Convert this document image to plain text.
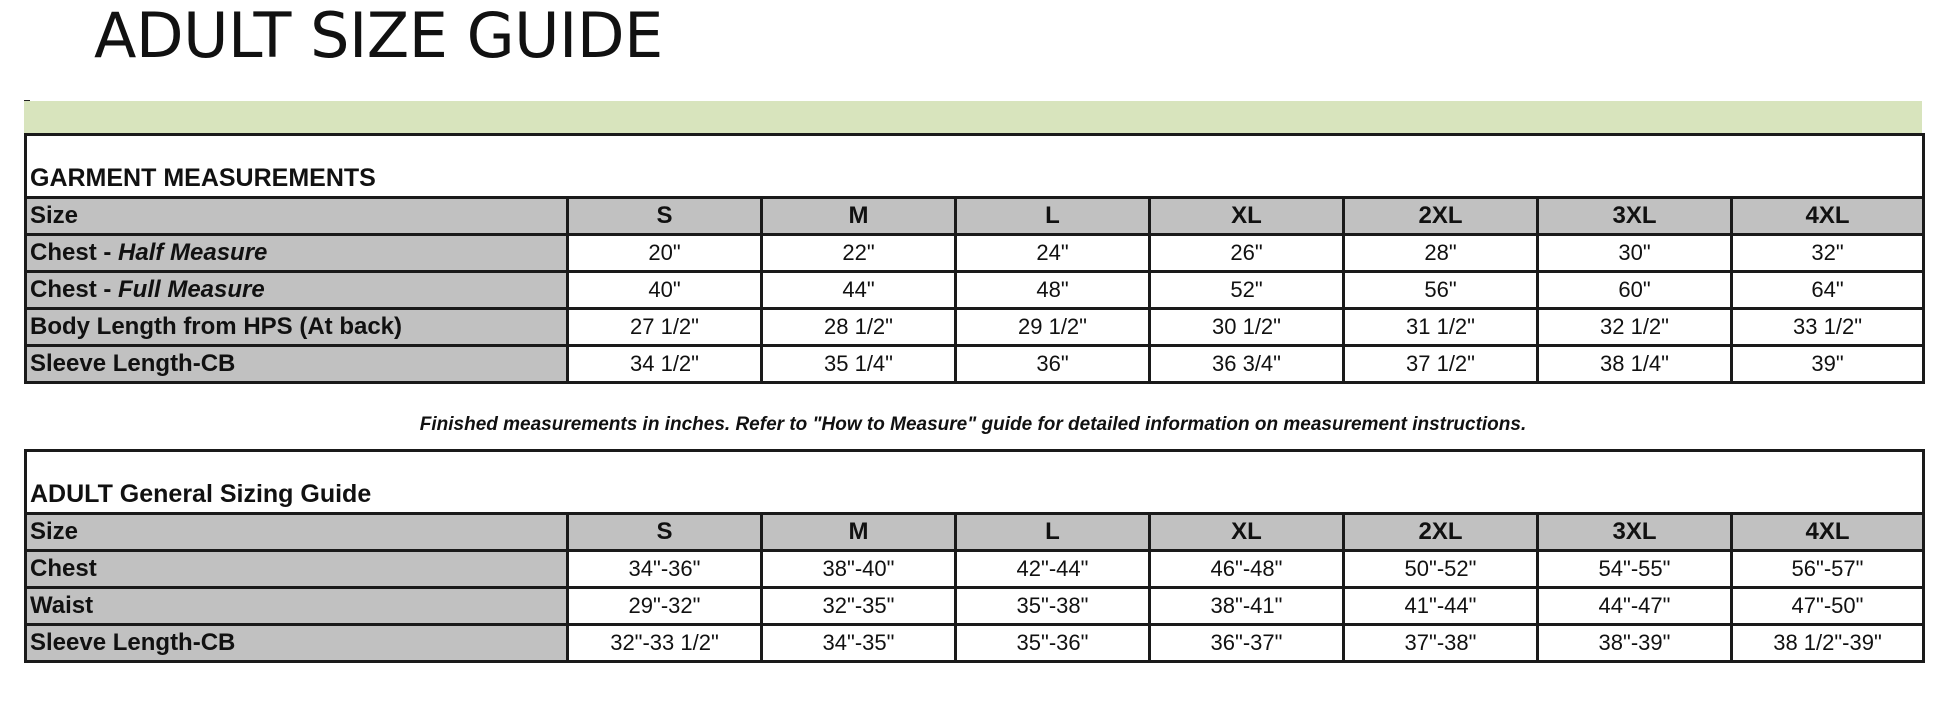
ADULT SIZE GUIDE
GARMENT MEASUREMENTS							
Size	S	M	L	XL	2XL	3XL	4XL
Chest - Half Measure	20"	22"	24"	26"	28"	30"	32"
Chest - Full Measure	40"	44"	48"	52"	56"	60"	64"
Body Length from HPS (At back)	27 1/2"	28 1/2"	29 1/2"	30 1/2"	31 1/2"	32 1/2"	33 1/2"
Sleeve Length-CB	34 1/2"	35 1/4"	36"	36 3/4"	37 1/2"	38 1/4"	39"

Finished measurements in inches. Refer to "How to Measure" guide for detailed information on measurement instructions.

ADULT General Sizing Guide							
Size	S	M	L	XL	2XL	3XL	4XL
Chest	34"-36"	38"-40"	42"-44"	46"-48"	50"-52"	54"-55"	56"-57"
Waist	29"-32"	32"-35"	35"-38"	38"-41"	41"-44"	44"-47"	47"-50"
Sleeve Length-CB	32"-33 1/2"	34"-35"	35"-36"	36"-37"	37"-38"	38"-39"	38 1/2"-39"
